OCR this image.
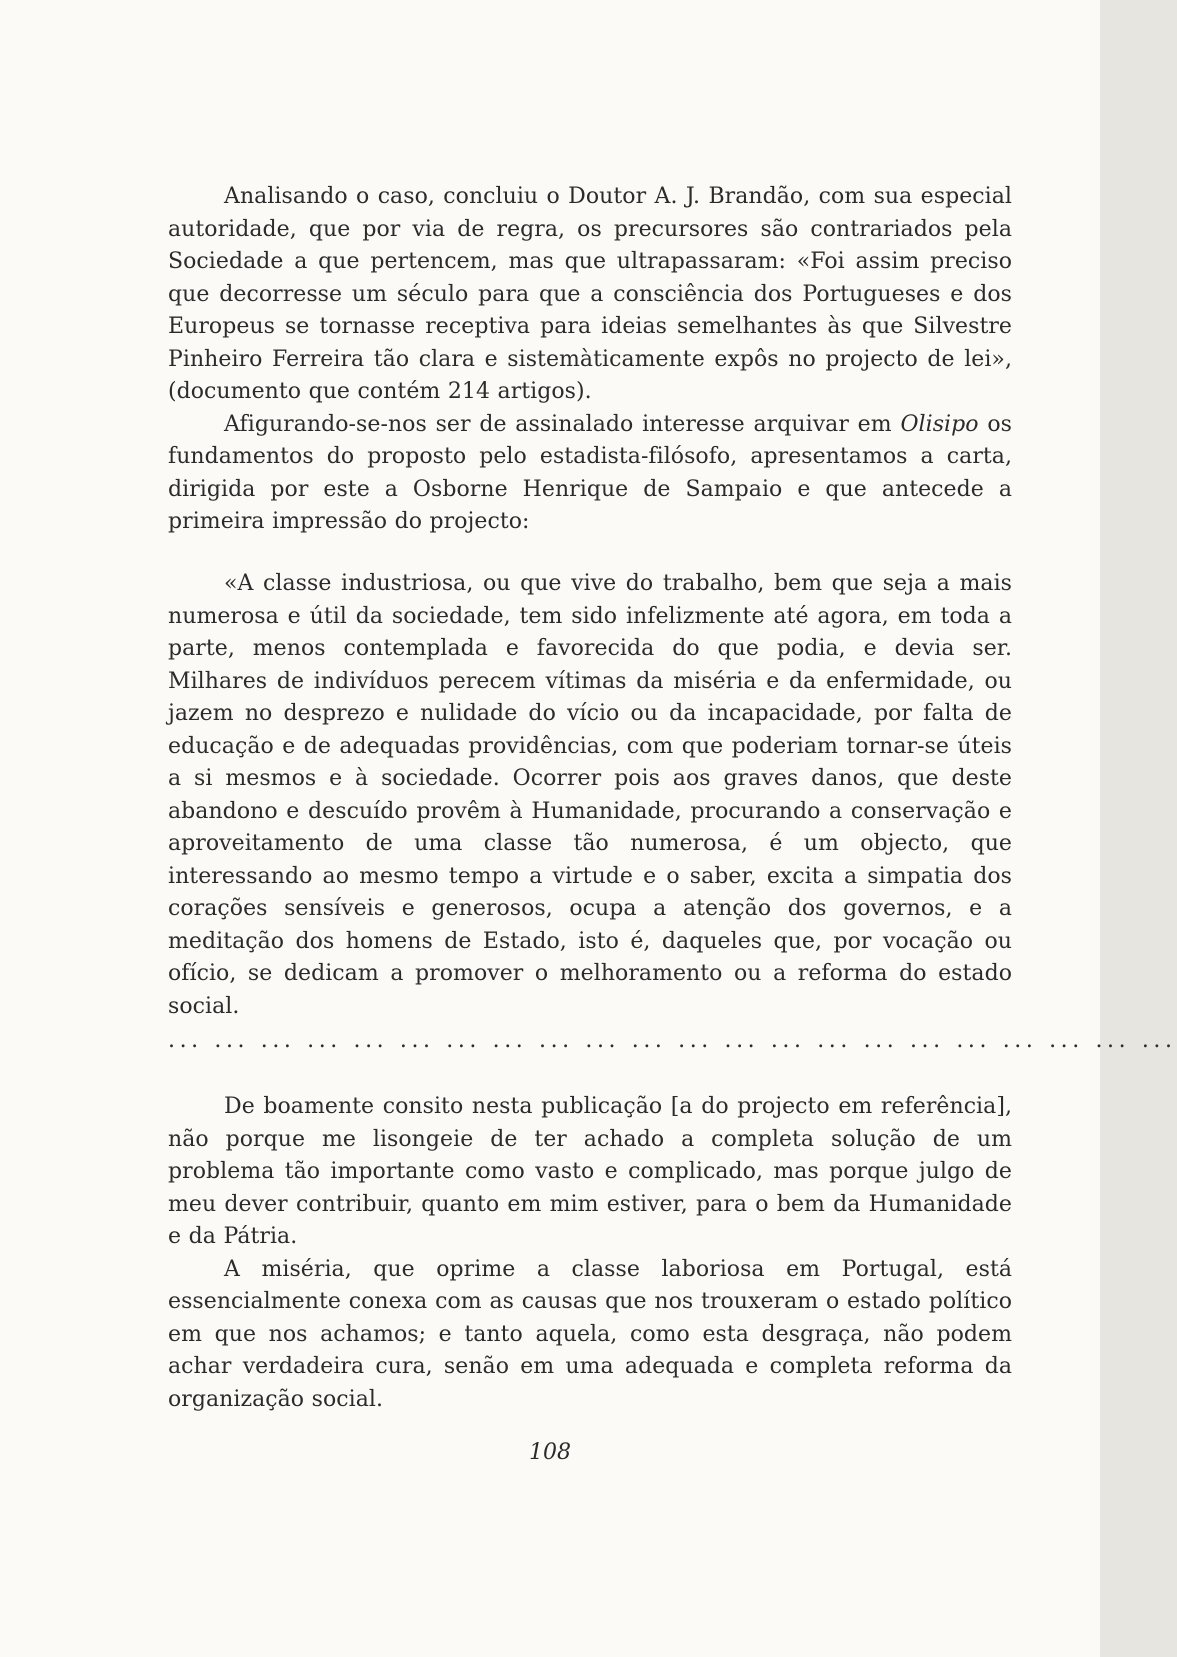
Analisando o caso, concluiu o Doutor A. J. Brandão, com sua especial autoridade, que por via de regra, os precursores são contrariados pela Sociedade a que pertencem, mas que ultrapassaram: «Foi assim preciso que decorresse um século para que a consciência dos Portugueses e dos Europeus se tornasse receptiva para ideias semelhantes às que Silvestre Pinheiro Ferreira tão clara e sistemàticamente expôs no projecto de lei», (documento que contém 214 artigos).

Afigurando-se-nos ser de assinalado interesse arquivar em Olisipo os fundamentos do proposto pelo estadista-filósofo, apresentamos a carta, dirigida por este a Osborne Henrique de Sampaio e que antecede a primeira impressão do projecto:

«A classe industriosa, ou que vive do trabalho, bem que seja a mais numerosa e útil da sociedade, tem sido infelizmente até agora, em toda a parte, menos contemplada e favorecida do que podia, e devia ser. Milhares de indivíduos perecem vítimas da miséria e da enfermidade, ou jazem no desprezo e nulidade do vício ou da incapacidade, por falta de educação e de adequadas providências, com que poderiam tornar-se úteis a si mesmos e à sociedade. Ocorrer pois aos graves danos, que deste abandono e descuído provêm à Humanidade, procurando a conservação e aproveitamento de uma classe tão numerosa, é um objecto, que interessando ao mesmo tempo a virtude e o saber, excita a simpatia dos corações sensíveis e generosos, ocupa a atenção dos governos, e a meditação dos homens de Estado, isto é, daqueles que, por vocação ou ofício, se dedicam a promover o melhoramento ou a reforma do estado social.

... ... ... ... ... ... ... ... ... ... ... ... ... ... ... ... ... ... ... ... ... ...

De boamente consito nesta publicação [a do projecto em referência], não porque me lisongeie de ter achado a completa solução de um problema tão importante como vasto e complicado, mas porque julgo de meu dever contribuir, quanto em mim estiver, para o bem da Humanidade e da Pátria.

A miséria, que oprime a classe laboriosa em Portugal, está essencialmente conexa com as causas que nos trouxeram o estado político em que nos achamos; e tanto aquela, como esta desgraça, não podem achar verdadeira cura, senão em uma adequada e completa reforma da organização social.

108
